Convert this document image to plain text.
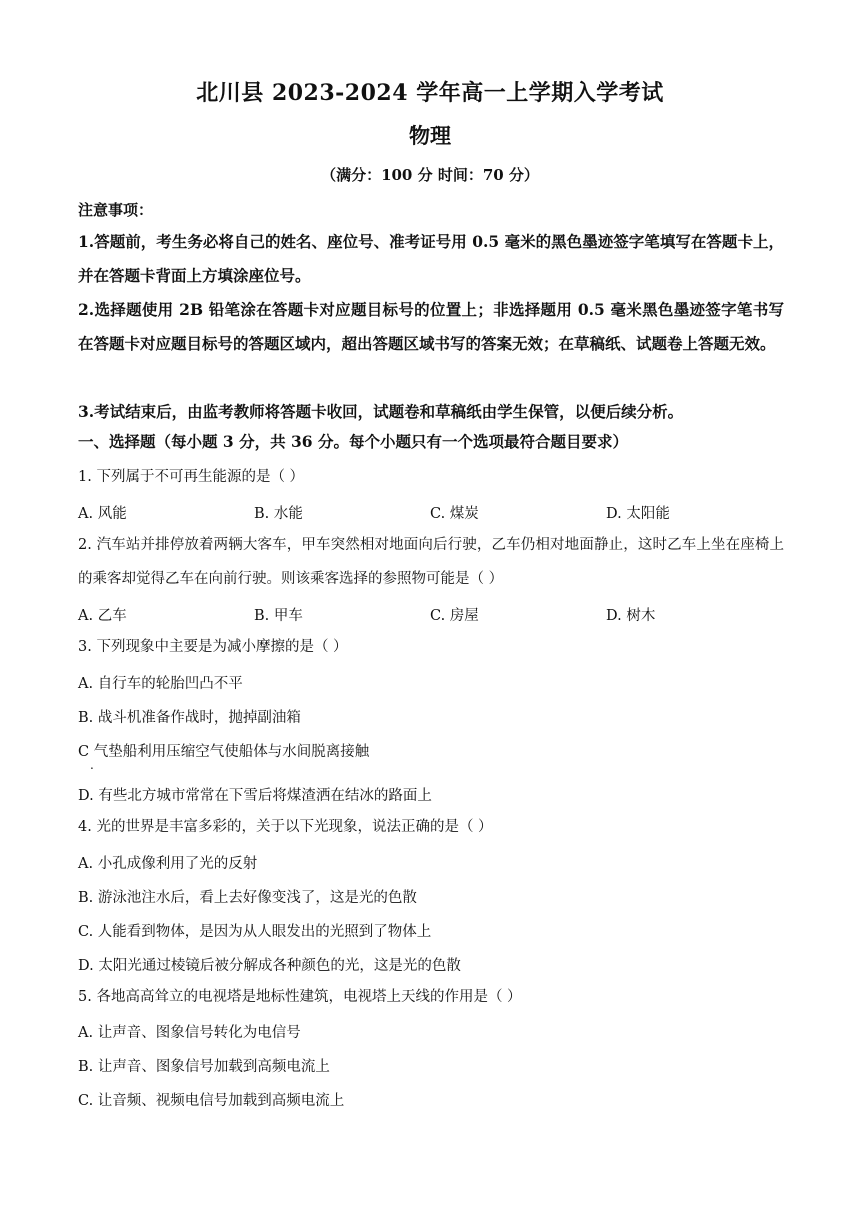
北川县 2023-2024 学年高一上学期入学考试
物理
（满分：100 分 时间：70 分）
注意事项：
1.答题前，考生务必将自己的姓名、座位号、准考证号用 0.5 毫米的黑色墨迹签字笔填写在答题卡上， 并在答题卡背面上方填涂座位号。
2.选择题使用 2B 铅笔涂在答题卡对应题目标号的位置上；非选择题用 0.5 毫米黑色墨迹签字笔书写在答题卡对应题目标号的答题区域内，超出答题区域书写的答案无效；在草稿纸、试题卷上答题无效。
3.考试结束后，由监考教师将答题卡收回，试题卷和草稿纸由学生保管，以便后续分析。
一、选择题（每小题 3 分，共 36 分。每个小题只有一个选项最符合题目要求）
1. 下列属于不可再生能源的是（ ）
A. 风能	B. 水能	C. 煤炭	D. 太阳能
2. 汽车站并排停放着两辆大客车，甲车突然相对地面向后行驶，乙车仍相对地面静止，这时乙车上坐在座椅上的乘客却觉得乙车在向前行驶。则该乘客选择的参照物可能是（ ）
A. 乙车	B. 甲车	C. 房屋	D. 树木
3. 下列现象中主要是为减小摩擦的是（ ）
A. 自行车的轮胎凹凸不平
B. 战斗机准备作战时，抛掉副油箱
C 气垫船利用压缩空气使船体与水间脱离接触
.
D. 有些北方城市常常在下雪后将煤渣洒在结冰的路面上
4. 光的世界是丰富多彩的，关于以下光现象，说法正确的是（ ）
A. 小孔成像利用了光的反射
B. 游泳池注水后，看上去好像变浅了，这是光的色散
C. 人能看到物体，是因为从人眼发出的光照到了物体上
D. 太阳光通过棱镜后被分解成各种颜色的光，这是光的色散
5. 各地高高耸立的电视塔是地标性建筑，电视塔上天线的作用是（ ）
A. 让声音、图象信号转化为电信号
B. 让声音、图象信号加载到高频电流上
C. 让音频、视频电信号加载到高频电流上
